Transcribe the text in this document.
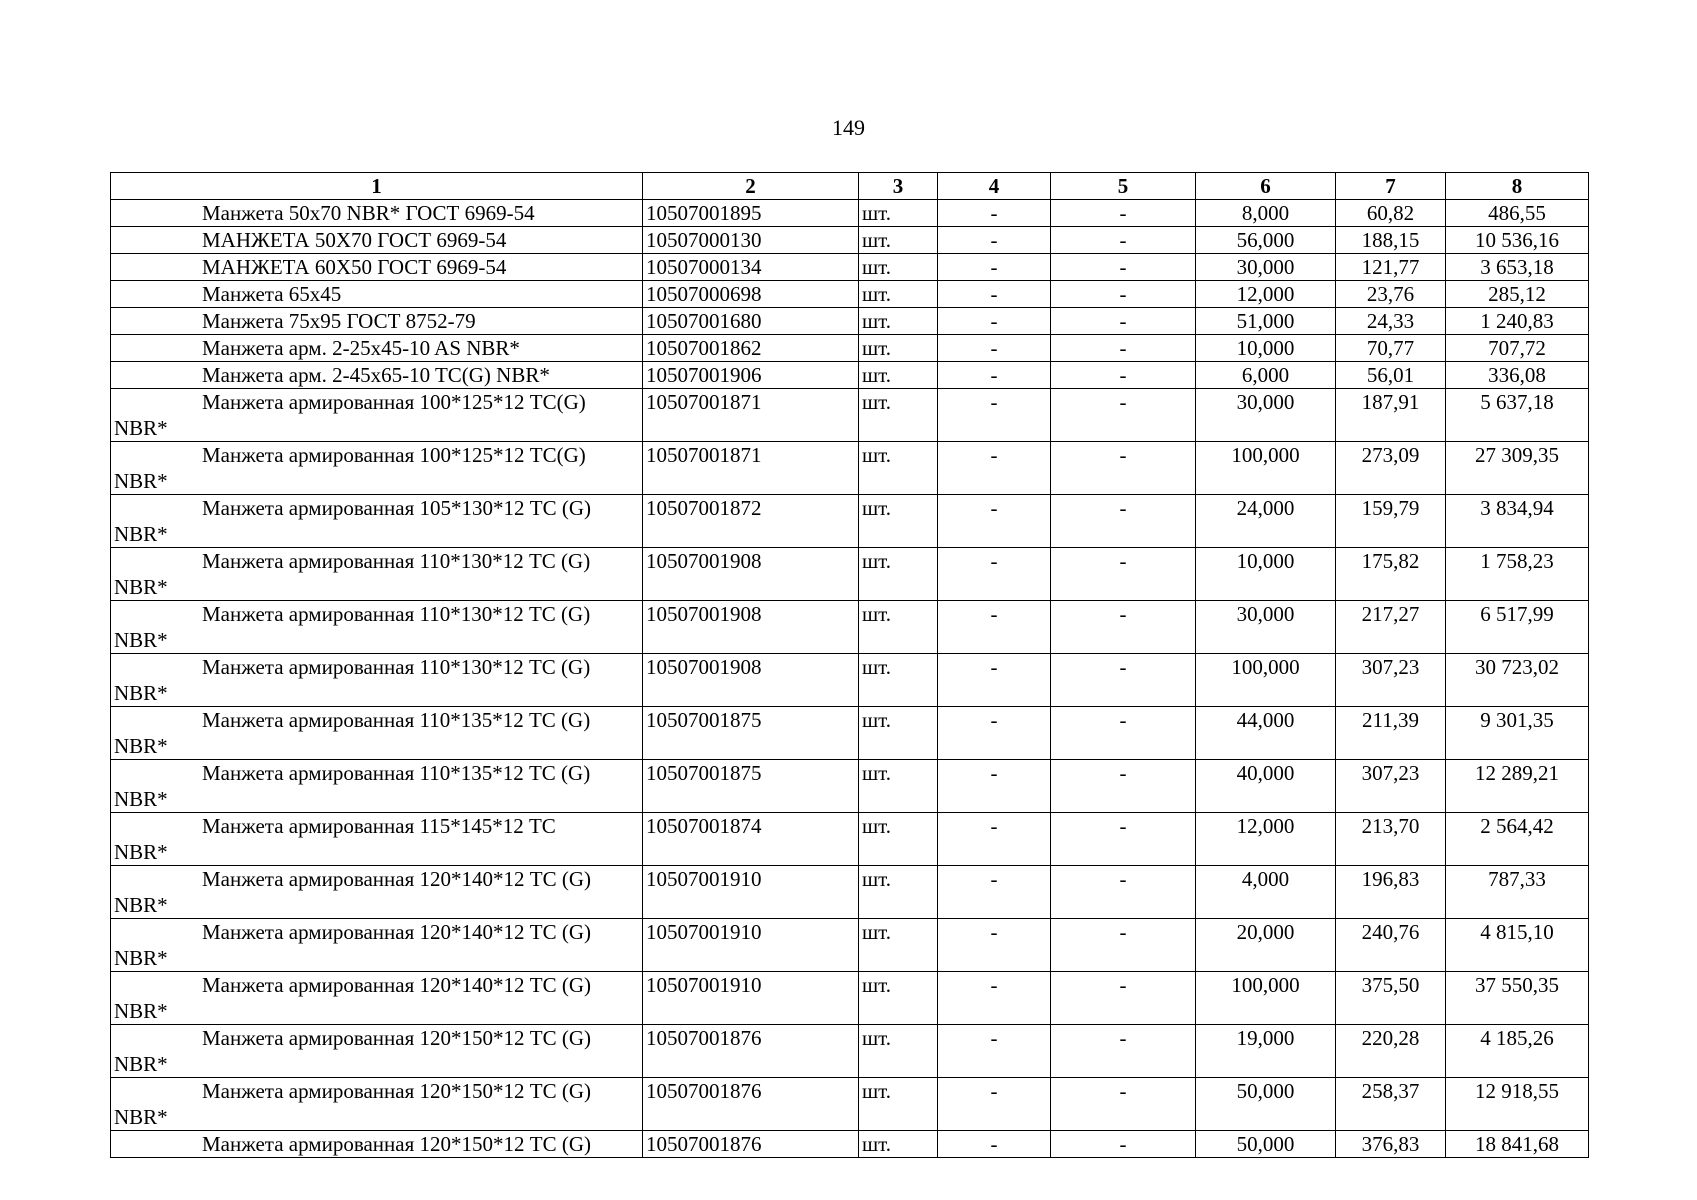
149
1	2	3	4	5	6	7	8

Манжета 50x70 NBR* ГОСТ 6969-54	10507001895	шт.	-	-	8,000	60,82	486,55

МАНЖЕТА 50Х70 ГОСТ 6969-54	10507000130	шт.	-	-	56,000	188,15	10 536,16

МАНЖЕТА 60Х50 ГОСТ 6969-54	10507000134	шт.	-	-	30,000	121,77	3 653,18

Манжета 65x45	10507000698	шт.	-	-	12,000	23,76	285,12

Манжета 75x95 ГОСТ 8752-79	10507001680	шт.	-	-	51,000	24,33	1 240,83

Манжета арм. 2-25x45-10 AS NBR*	10507001862	шт.	-	-	10,000	70,77	707,72

Манжета арм. 2-45x65-10 TC(G) NBR*	10507001906	шт.	-	-	6,000	56,01	336,08

Манжета армированная 100*125*12 TC(G)
NBR*	10507001871	шт.	-	-	30,000	187,91	5 637,18

Манжета армированная 100*125*12 TC(G)
NBR*	10507001871	шт.	-	-	100,000	273,09	27 309,35

Манжета армированная 105*130*12 TC (G)
NBR*	10507001872	шт.	-	-	24,000	159,79	3 834,94

Манжета армированная 110*130*12 TC (G)
NBR*	10507001908	шт.	-	-	10,000	175,82	1 758,23

Манжета армированная 110*130*12 TC (G)
NBR*	10507001908	шт.	-	-	30,000	217,27	6 517,99

Манжета армированная 110*130*12 TC (G)
NBR*	10507001908	шт.	-	-	100,000	307,23	30 723,02

Манжета армированная 110*135*12 TC (G)
NBR*	10507001875	шт.	-	-	44,000	211,39	9 301,35

Манжета армированная 110*135*12 TC (G)
NBR*	10507001875	шт.	-	-	40,000	307,23	12 289,21

Манжета армированная 115*145*12 TC
NBR*	10507001874	шт.	-	-	12,000	213,70	2 564,42

Манжета армированная 120*140*12 TC (G)
NBR*	10507001910	шт.	-	-	4,000	196,83	787,33

Манжета армированная 120*140*12 TC (G)
NBR*	10507001910	шт.	-	-	20,000	240,76	4 815,10

Манжета армированная 120*140*12 TC (G)
NBR*	10507001910	шт.	-	-	100,000	375,50	37 550,35

Манжета армированная 120*150*12 TC (G)
NBR*	10507001876	шт.	-	-	19,000	220,28	4 185,26

Манжета армированная 120*150*12 TC (G)
NBR*	10507001876	шт.	-	-	50,000	258,37	12 918,55

Манжета армированная 120*150*12 TC (G)	10507001876	шт.	-	-	50,000	376,83	18 841,68
